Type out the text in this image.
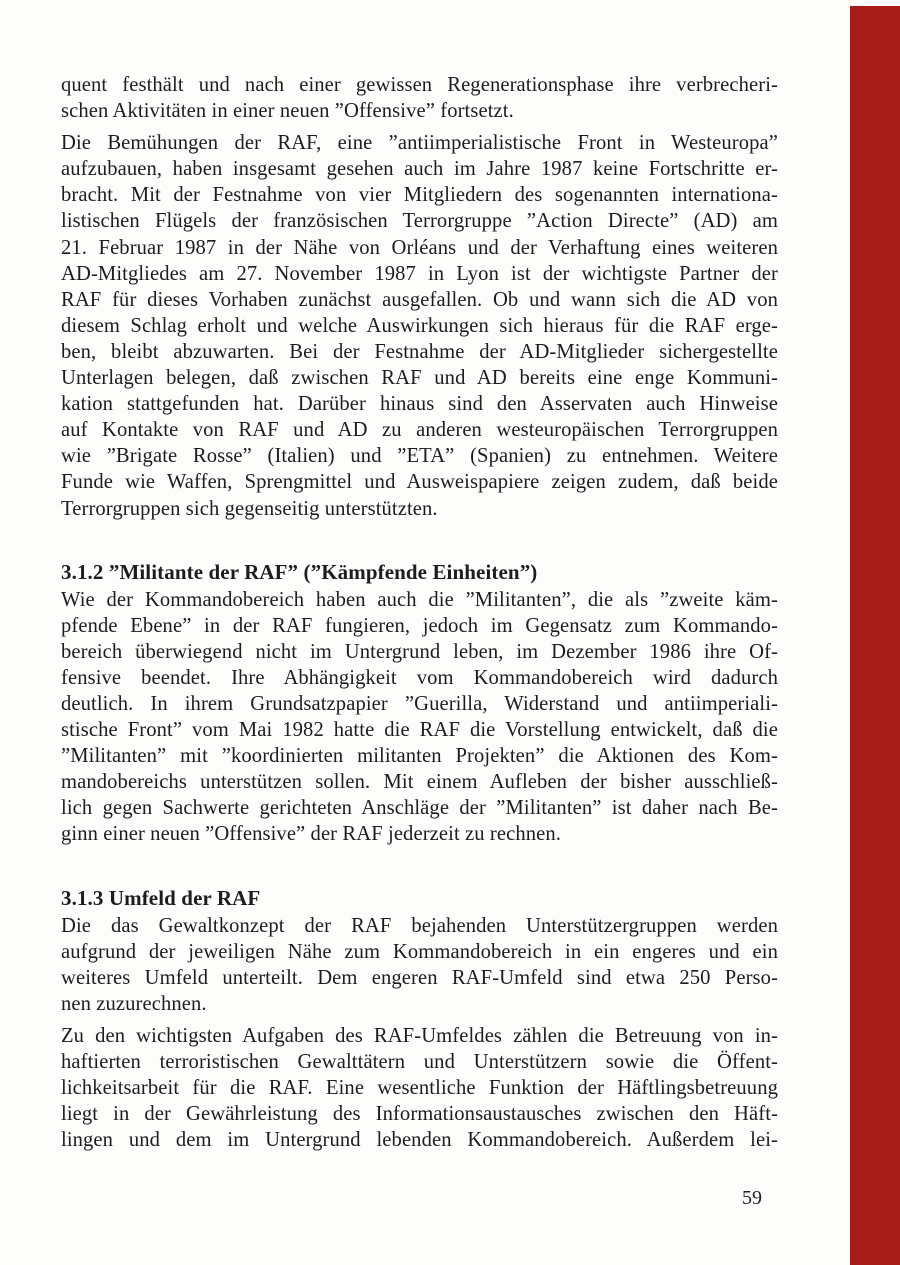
quent festhält und nach einer gewissen Regenerationsphase ihre verbrecheri-
schen Aktivitäten in einer neuen ”Offensive” fortsetzt.
Die Bemühungen der RAF, eine ”antiimperialistische Front in Westeuropa”
aufzubauen, haben insgesamt gesehen auch im Jahre 1987 keine Fortschritte er-
bracht. Mit der Festnahme von vier Mitgliedern des sogenannten internationa-
listischen Flügels der französischen Terrorgruppe ”Action Directe” (AD) am
21. Februar 1987 in der Nähe von Orléans und der Verhaftung eines weiteren
AD-Mitgliedes am 27. November 1987 in Lyon ist der wichtigste Partner der
RAF für dieses Vorhaben zunächst ausgefallen. Ob und wann sich die AD von
diesem Schlag erholt und welche Auswirkungen sich hieraus für die RAF erge-
ben, bleibt abzuwarten. Bei der Festnahme der AD-Mitglieder sichergestellte
Unterlagen belegen, daß zwischen RAF und AD bereits eine enge Kommuni-
kation stattgefunden hat. Darüber hinaus sind den Asservaten auch Hinweise
auf Kontakte von RAF und AD zu anderen westeuropäischen Terrorgruppen
wie ”Brigate Rosse” (Italien) und ”ETA” (Spanien) zu entnehmen. Weitere
Funde wie Waffen, Sprengmittel und Ausweispapiere zeigen zudem, daß beide
Terrorgruppen sich gegenseitig unterstützten.
3.1.2 ”Militante der RAF” (”Kämpfende Einheiten”)
Wie der Kommandobereich haben auch die ”Militanten”, die als ”zweite käm-
pfende Ebene” in der RAF fungieren, jedoch im Gegensatz zum Kommando-
bereich überwiegend nicht im Untergrund leben, im Dezember 1986 ihre Of-
fensive beendet. Ihre Abhängigkeit vom Kommandobereich wird dadurch
deutlich. In ihrem Grundsatzpapier ”Guerilla, Widerstand und antiimperiali-
stische Front” vom Mai 1982 hatte die RAF die Vorstellung entwickelt, daß die
”Militanten” mit ”koordinierten militanten Projekten” die Aktionen des Kom-
mandobereichs unterstützen sollen. Mit einem Aufleben der bisher ausschließ-
lich gegen Sachwerte gerichteten Anschläge der ”Militanten” ist daher nach Be-
ginn einer neuen ”Offensive” der RAF jederzeit zu rechnen.
3.1.3 Umfeld der RAF
Die das Gewaltkonzept der RAF bejahenden Unterstützergruppen werden
aufgrund der jeweiligen Nähe zum Kommandobereich in ein engeres und ein
weiteres Umfeld unterteilt. Dem engeren RAF-Umfeld sind etwa 250 Perso-
nen zuzurechnen.
Zu den wichtigsten Aufgaben des RAF-Umfeldes zählen die Betreuung von in-
haftierten terroristischen Gewalttätern und Unterstützern sowie die Öffent-
lichkeitsarbeit für die RAF. Eine wesentliche Funktion der Häftlingsbetreuung
liegt in der Gewährleistung des Informationsaustausches zwischen den Häft-
lingen und dem im Untergrund lebenden Kommandobereich. Außerdem lei-
59
